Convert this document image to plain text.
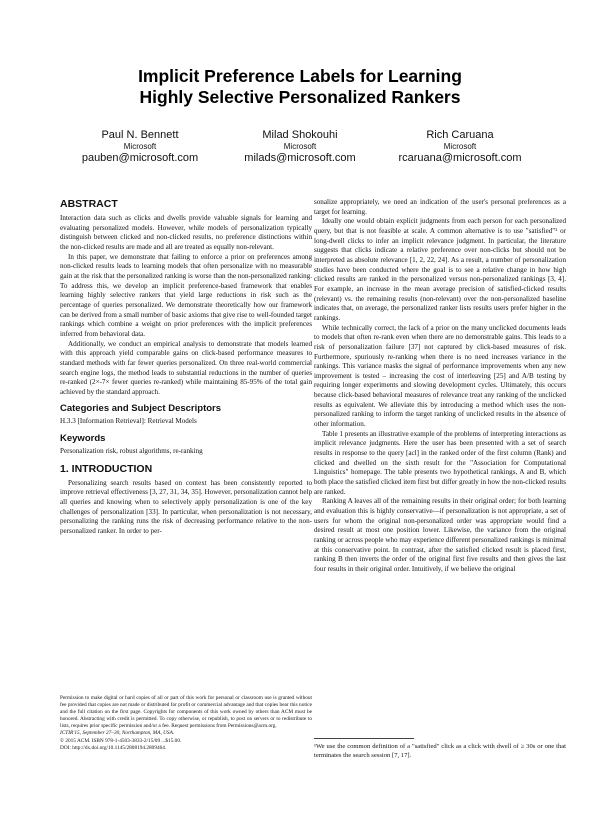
Implicit Preference Labels for Learning
Highly Selective Personalized Rankers
Paul N. Bennett
Microsoft
pauben@microsoft.com
Milad Shokouhi
Microsoft
milads@microsoft.com
Rich Caruana
Microsoft
rcaruana@microsoft.com
ABSTRACT

Interaction data such as clicks and dwells provide valuable signals for learning and evaluating personalized models. However, while models of personalization typically distinguish between clicked and non-clicked results, no preference distinctions within the non-clicked results are made and all are treated as equally non-relevant.

In this paper, we demonstrate that failing to enforce a prior on preferences among non-clicked results leads to learning models that often personalize with no measurable gain at the risk that the personalized ranking is worse than the non-personalized ranking. To address this, we develop an implicit preference-based framework that enables learning highly selective rankers that yield large reductions in risk such as the percentage of queries personalized. We demonstrate theoretically how our framework can be derived from a small number of basic axioms that give rise to well-founded target rankings which combine a weight on prior preferences with the implicit preferences inferred from behavioral data.

Additionally, we conduct an empirical analysis to demonstrate that models learned with this approach yield comparable gains on click-based performance measures to standard methods with far fewer queries personalized. On three real-world commercial search engine logs, the method leads to substantial reductions in the number of queries re-ranked (2×-7× fewer queries re-ranked) while maintaining 85-95% of the total gain achieved by the standard approach.

Categories and Subject Descriptors

H.3.3 [Information Retrieval]: Retrieval Models

Keywords

Personalization risk, robust algorithms, re-ranking

1. INTRODUCTION

Personalizing search results based on context has been consistently reported to improve retrieval effectiveness [3, 27, 31, 34, 35]. However, personalization cannot help all queries and knowing when to selectively apply personalization is one of the key challenges of personalization [33]. In particular, when personalization is not necessary, personalizing the ranking runs the risk of decreasing performance relative to the non-personalized ranker. In order to per-

Permission to make digital or hard copies of all or part of this work for personal or classroom use is granted without fee provided that copies are not made or distributed for profit or commercial advantage and that copies bear this notice and the full citation on the first page. Copyrights for components of this work owned by others than ACM must be honored. Abstracting with credit is permitted. To copy otherwise, or republish, to post on servers or to redistribute to lists, requires prior specific permission and/or a fee. Request permissions from Permissions@acm.org.
ICTIR'15, September 27–30, Northampton, MA, USA.
© 2015 ACM. ISBN 978-1-4503-3833-2/15/09 ...$15.00.
DOI: http://dx.doi.org/10.1145/2808194.2809464.

sonalize appropriately, we need an indication of the user's personal preferences as a target for learning.

Ideally one would obtain explicit judgments from each person for each personalized query, but that is not feasible at scale. A common alternative is to use "satisfied"¹ or long-dwell clicks to infer an implicit relevance judgment. In particular, the literature suggests that clicks indicate a relative preference over non-clicks but should not be interpreted as absolute relevance [1, 2, 22, 24]. As a result, a number of personalization studies have been conducted where the goal is to see a relative change in how high clicked results are ranked in the personalized versus non-personalized rankings [3, 4]. For example, an increase in the mean average precision of satisfied-clicked results (relevant) vs. the remaining results (non-relevant) over the non-personalized baseline indicates that, on average, the personalized ranker lists results users prefer higher in the rankings.

While technically correct, the lack of a prior on the many unclicked documents leads to models that often re-rank even when there are no demonstrable gains. This leads to a risk of personalization failure [37] not captured by click-based measures of risk. Furthermore, spuriously re-ranking when there is no need increases variance in the rankings. This variance masks the signal of performance improvements when any new improvement is tested – increasing the cost of interleaving [25] and A/B testing by requiring longer experiments and slowing development cycles. Ultimately, this occurs because click-based behavioral measures of relevance treat any ranking of the unclicked results as equivalent. We alleviate this by introducing a method which uses the non-personalized ranking to inform the target ranking of unclicked results in the absence of other information.

Table 1 presents an illustrative example of the problems of interpreting interactions as implicit relevance judgments. Here the user has been presented with a set of search results in response to the query [acl] in the ranked order of the first column (Rank) and clicked and dwelled on the sixth result for the "Association for Computational Linguistics" homepage. The table presents two hypothetical rankings, A and B, which both place the satisfied clicked item first but differ greatly in how the non-clicked results are ranked.

Ranking A leaves all of the remaining results in their original order; for both learning and evaluation this is highly conservative—if personalization is not appropriate, a set of users for whom the original non-personalized order was appropriate would find a desired result at most one position lower. Likewise, the variance from the original ranking or across people who may experience different personalized rankings is minimal at this conservative point. In contrast, after the satisfied clicked result is placed first, ranking B then inverts the order of the original first five results and then gives the last four results in their original order. Intuitively, if we believe the original

¹We use the common definition of a "satisfied" click as a click with dwell of ≥ 30s or one that terminates the search session [7, 17].
